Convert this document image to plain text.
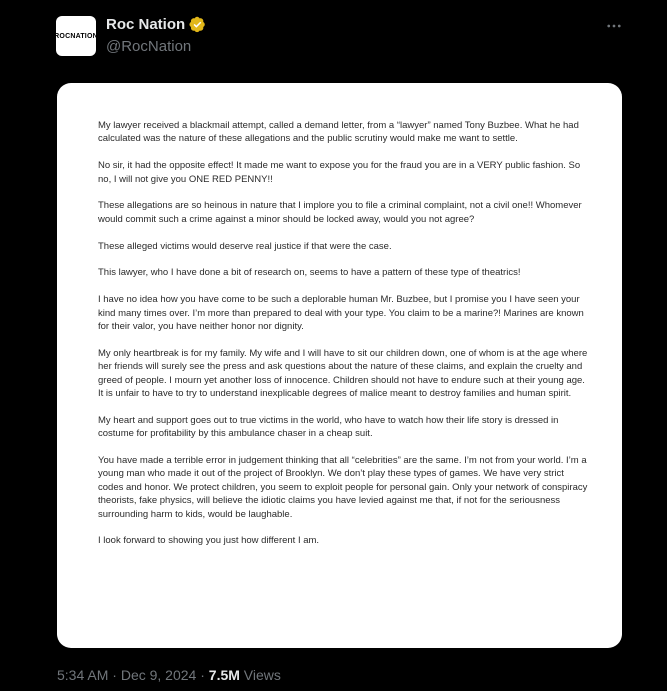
ROCNATION
Roc Nation
@RocNation

My lawyer received a blackmail attempt, called a demand letter, from a “lawyer” named Tony Buzbee. What he had calculated was the nature of these allegations and the public scrutiny would make me want to settle.

No sir, it had the opposite effect! It made me want to expose you for the fraud you are in a VERY public fashion. So no, I will not give you ONE RED PENNY!!

These allegations are so heinous in nature that I implore you to file a criminal complaint, not a civil one!! Whomever would commit such a crime against a minor should be locked away, would you not agree?

These alleged victims would deserve real justice if that were the case.

This lawyer, who I have done a bit of research on, seems to have a pattern of these type of theatrics!

I have no idea how you have come to be such a deplorable human Mr. Buzbee, but I promise you I have seen your kind many times over. I’m more than prepared to deal with your type. You claim to be a marine?! Marines are known for their valor, you have neither honor nor dignity.

My only heartbreak is for my family. My wife and I will have to sit our children down, one of whom is at the age where her friends will surely see the press and ask questions about the nature of these claims, and explain the cruelty and greed of people. I mourn yet another loss of innocence. Children should not have to endure such at their young age. It is unfair to have to try to understand inexplicable degrees of malice meant to destroy families and human spirit.

My heart and support goes out to true victims in the world, who have to watch how their life story is dressed in costume for profitability by this ambulance chaser in a cheap suit.

You have made a terrible error in judgement thinking that all “celebrities” are the same. I’m not from your world. I’m a young man who made it out of the project of Brooklyn. We don’t play these types of games. We have very strict codes and honor. We protect children, you seem to exploit people for personal gain. Only your network of conspiracy theorists, fake physics, will believe the idiotic claims you have levied against me that, if not for the seriousness surrounding harm to kids, would be laughable.

I look forward to showing you just how different I am.

5:34 AM · Dec 9, 2024 · 7.5M Views
